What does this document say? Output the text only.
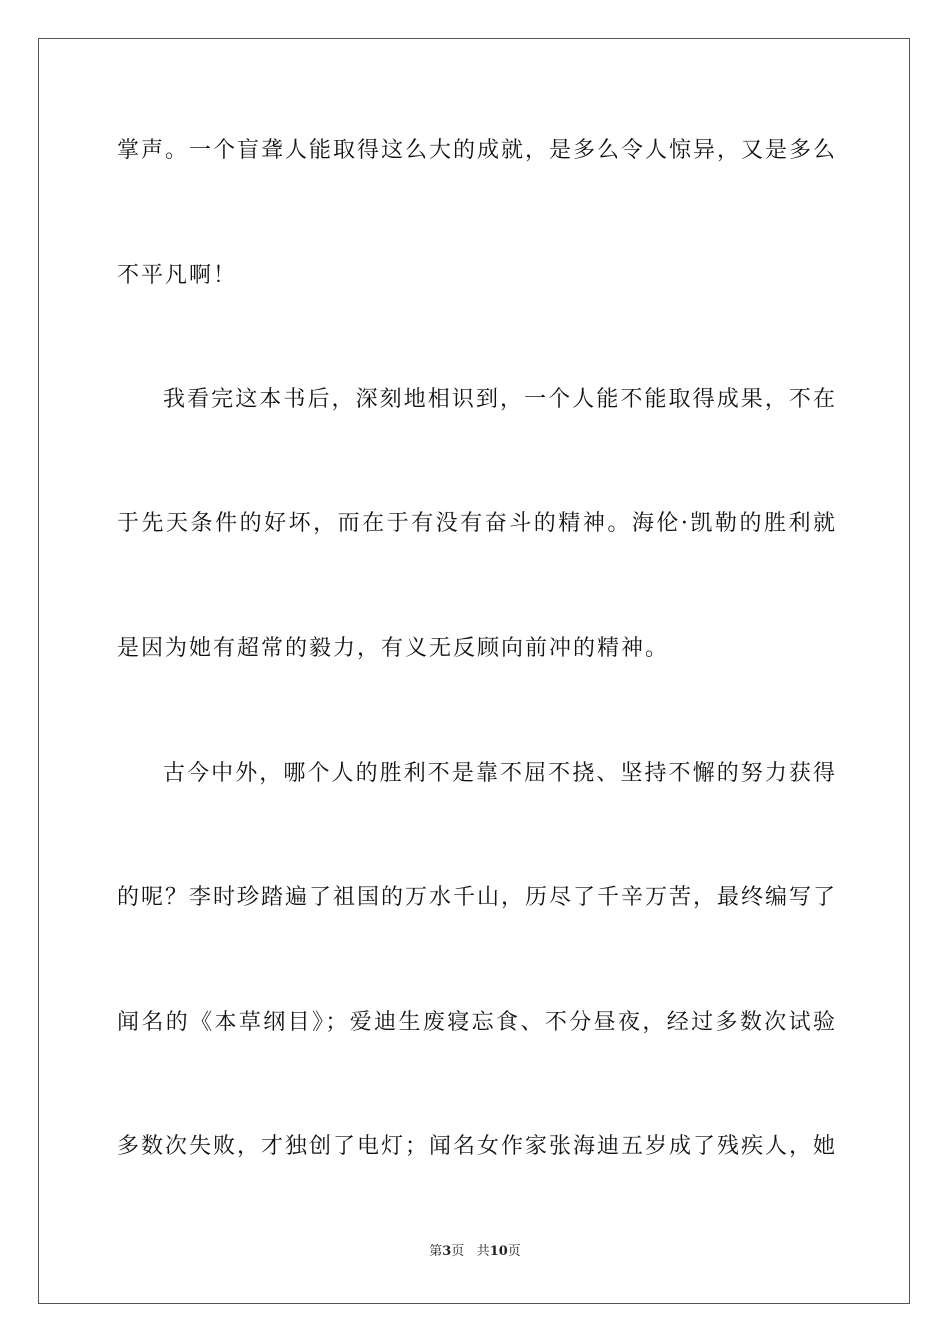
掌声。一个盲聋人能取得这么大的成就，是多么令人惊异，又是多么
不平凡啊！
我看完这本书后，深刻地相识到，一个人能不能取得成果，不在
于先天条件的好坏，而在于有没有奋斗的精神。海伦·凯勒的胜利就
是因为她有超常的毅力，有义无反顾向前冲的精神。
古今中外，哪个人的胜利不是靠不屈不挠、坚持不懈的努力获得
的呢？李时珍踏遍了祖国的万水千山，历尽了千辛万苦，最终编写了
闻名的《本草纲目》；爱迪生废寝忘食、不分昼夜，经过多数次试验
多数次失败，才独创了电灯；闻名女作家张海迪五岁成了残疾人，她
第3页 共10页
